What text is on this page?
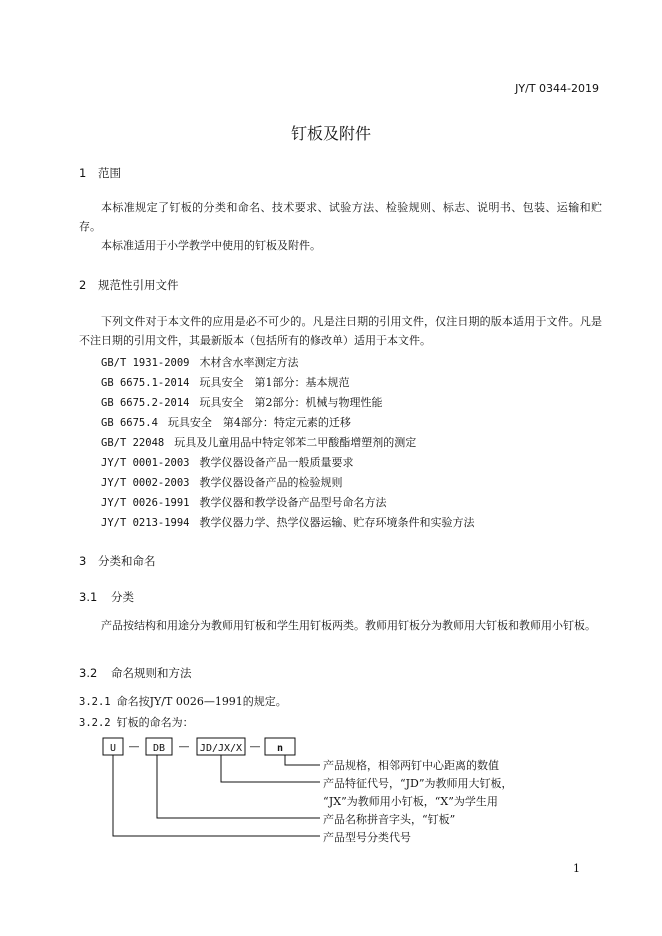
JY/T 0344-2019
钉板及附件
1 范围
本标准规定了钉板的分类和命名、技术要求、试验方法、检验规则、标志、说明书、包装、运输和贮存。
本标准适用于小学教学中使用的钉板及附件。
2 规范性引用文件
下列文件对于本文件的应用是必不可少的。凡是注日期的引用文件，仅注日期的版本适用于文件。凡是不注日期的引用文件，其最新版本（包括所有的修改单）适用于本文件。
GB/T 1931-2009 木材含水率测定方法
GB 6675.1-2014 玩具安全　第1部分：基本规范
GB 6675.2-2014 玩具安全　第2部分：机械与物理性能
GB 6675.4 玩具安全　第4部分：特定元素的迁移
GB/T 22048 玩具及儿童用品中特定邻苯二甲酸酯增塑剂的测定
JY/T 0001-2003 教学仪器设备产品一般质量要求
JY/T 0002-2003 教学仪器设备产品的检验规则
JY/T 0026-1991 教学仪器和教学设备产品型号命名方法
JY/T 0213-1994 教学仪器力学、热学仪器运输、贮存环境条件和实验方法
3 分类和命名
3.1 分类
产品按结构和用途分为教师用钉板和学生用钉板两类。教师用钉板分为教师用大钉板和教师用小钉板。
3.2 命名规则和方法
3.2.1 命名按JY/T 0026—1991的规定。
3.2.2 钉板的命名为：
U	DB	JD/JX/X	n
—	—	—
产品规格，相邻两钉中心距离的数值
产品特征代号，“JD”为教师用大钉板，
“JX”为教师用小钉板，“X”为学生用
产品名称拼音字头，“钉板”
产品型号分类代号
1
